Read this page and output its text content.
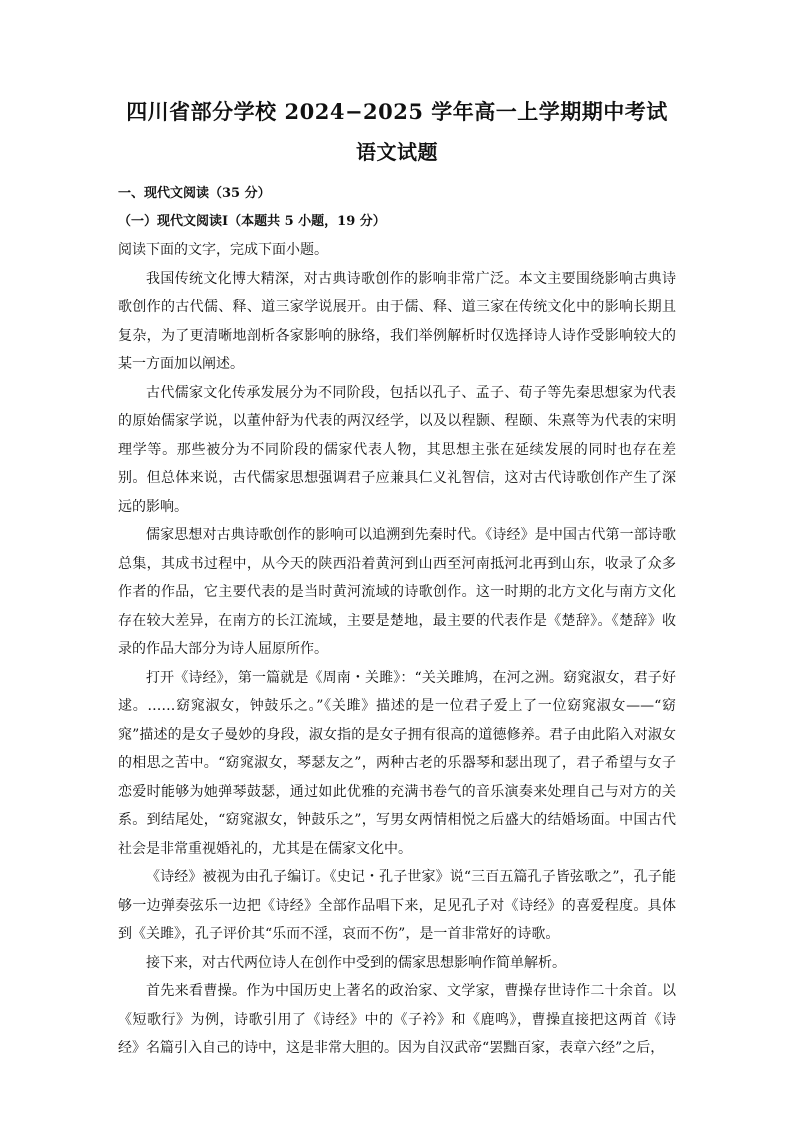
四川省部分学校 2024−2025 学年高一上学期期中考试
语文试题

一、现代文阅读（35 分）

（一）现代文阅读Ⅰ（本题共 5 小题，19 分）

阅读下面的文字，完成下面小题。

我国传统文化博大精深，对古典诗歌创作的影响非常广泛。本文主要围绕影响古典诗歌创作的古代儒、释、道三家学说展开。由于儒、释、道三家在传统文化中的影响长期且复杂，为了更清晰地剖析各家影响的脉络，我们举例解析时仅选择诗人诗作受影响较大的某一方面加以阐述。

古代儒家文化传承发展分为不同阶段，包括以孔子、孟子、荀子等先秦思想家为代表的原始儒家学说，以董仲舒为代表的两汉经学，以及以程颢、程颐、朱熹等为代表的宋明理学等。那些被分为不同阶段的儒家代表人物，其思想主张在延续发展的同时也存在差别。但总体来说，古代儒家思想强调君子应兼具仁义礼智信，这对古代诗歌创作产生了深远的影响。

儒家思想对古典诗歌创作的影响可以追溯到先秦时代。《诗经》是中国古代第一部诗歌总集，其成书过程中，从今天的陕西沿着黄河到山西至河南抵河北再到山东，收录了众多作者的作品，它主要代表的是当时黄河流域的诗歌创作。这一时期的北方文化与南方文化存在较大差异，在南方的长江流域，主要是楚地，最主要的代表作是《楚辞》。《楚辞》收录的作品大部分为诗人屈原所作。

打开《诗经》，第一篇就是《周南・关雎》：“关关雎鸠，在河之洲。窈窕淑女，君子好逑。……窈窕淑女，钟鼓乐之。”《关雎》描述的是一位君子爱上了一位窈窕淑女——“窈窕”描述的是女子曼妙的身段，淑女指的是女子拥有很高的道德修养。君子由此陷入对淑女的相思之苦中。“窈窕淑女，琴瑟友之”，两种古老的乐器琴和瑟出现了，君子希望与女子恋爱时能够为她弹琴鼓瑟，通过如此优雅的充满书卷气的音乐演奏来处理自己与对方的关系。到结尾处，“窈窕淑女，钟鼓乐之”，写男女两情相悦之后盛大的结婚场面。中国古代社会是非常重视婚礼的，尤其是在儒家文化中。

《诗经》被视为由孔子编订。《史记・孔子世家》说“三百五篇孔子皆弦歌之”，孔子能够一边弹奏弦乐一边把《诗经》全部作品唱下来，足见孔子对《诗经》的喜爱程度。具体到《关雎》，孔子评价其“乐而不淫，哀而不伤”，是一首非常好的诗歌。

接下来，对古代两位诗人在创作中受到的儒家思想影响作简单解析。

首先来看曹操。作为中国历史上著名的政治家、文学家，曹操存世诗作二十余首。以《短歌行》为例，诗歌引用了《诗经》中的《子衿》和《鹿鸣》，曹操直接把这两首《诗经》名篇引入自己的诗中，这是非常大胆的。因为自汉武帝“罢黜百家，表章六经”之后，
